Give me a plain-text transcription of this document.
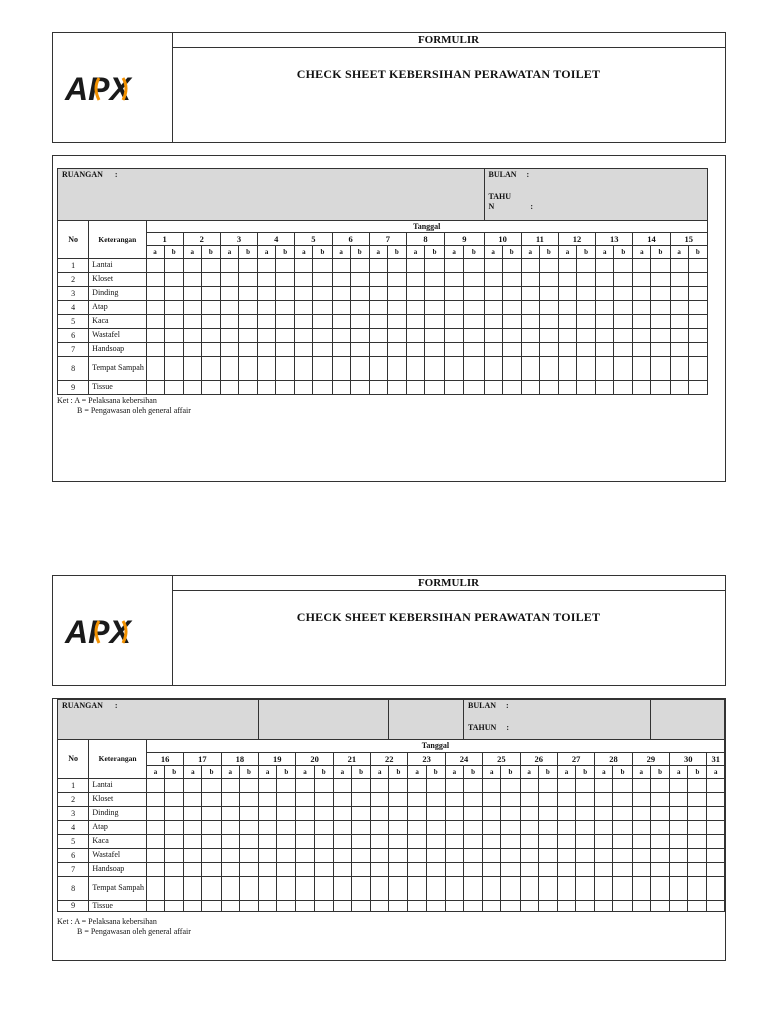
APX
FORMULIR
CHECK SHEET KEBERSIHAN PERAWATAN TOILET
RUANGAN :																				BULAN :
TAHU
N :											

No	Keterangan	Tanggal																													
		1		2		3		4		5		6		7		8		9		10		11		12		13		14		15	
		a	b	a	b	a	b	a	b	a	b	a	b	a	b	a	b	a	b	a	b	a	b	a	b	a	b	a	b	a	b
1	Lantai																														
2	Kloset																														
3	Dinding																														
4	Atap																														
5	Kaca																														
6	Wastafel																														
7	Handsoap																														
8	Tempat Sampah																														
9	Tissue																														
Ket : A = Pelaksana kebersihan
B = Pengawasan oleh general affair
APX
FORMULIR
CHECK SHEET KEBERSIHAN PERAWATAN TOILET
RUANGAN :																			BULAN :
TAHUN :													

No	Keterangan	Tanggal																														
		16		17		18		19		20		21		22		23		24		25		26		27		28		29		30		31
		a	b	a	b	a	b	a	b	a	b	a	b	a	b	a	b	a	b	a	b	a	b	a	b	a	b	a	b	a	b	a
1	Lantai																															
2	Kloset																															
3	Dinding																															
4	Atap																															
5	Kaca																															
6	Wastafel																															
7	Handsoap																															
8	Tempat Sampah																															
9	Tissue																															
Ket : A = Pelaksana kebersihan
B = Pengawasan oleh general affair
